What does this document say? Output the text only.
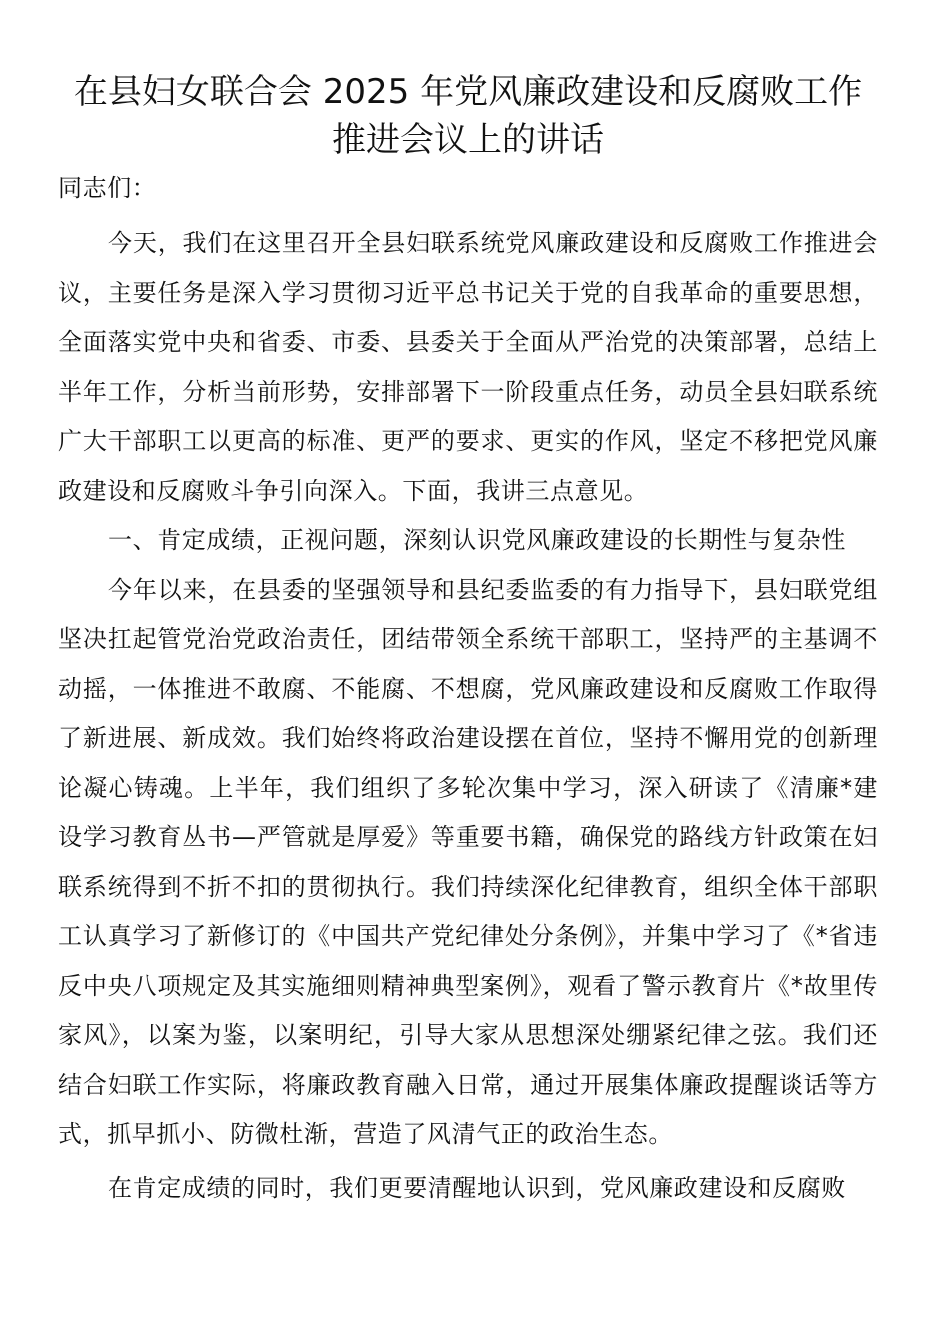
在县妇女联合会 2025 年党风廉政建设和反腐败工作
推进会议上的讲话

同志们：

今天，我们在这里召开全县妇联系统党风廉政建设和反腐败工作推进会议，主要任务是深入学习贯彻习近平总书记关于党的自我革命的重要思想，全面落实党中央和省委、市委、县委关于全面从严治党的决策部署，总结上半年工作，分析当前形势，安排部署下一阶段重点任务，动员全县妇联系统广大干部职工以更高的标准、更严的要求、更实的作风，坚定不移把党风廉政建设和反腐败斗争引向深入。下面，我讲三点意见。

一、肯定成绩，正视问题，深刻认识党风廉政建设的长期性与复杂性

今年以来，在县委的坚强领导和县纪委监委的有力指导下，县妇联党组坚决扛起管党治党政治责任，团结带领全系统干部职工，坚持严的主基调不动摇，一体推进不敢腐、不能腐、不想腐，党风廉政建设和反腐败工作取得了新进展、新成效。我们始终将政治建设摆在首位，坚持不懈用党的创新理论凝心铸魂。上半年，我们组织了多轮次集中学习，深入研读了《清廉*建设学习教育丛书—严管就是厚爱》等重要书籍，确保党的路线方针政策在妇联系统得到不折不扣的贯彻执行。我们持续深化纪律教育，组织全体干部职工认真学习了新修订的《中国共产党纪律处分条例》，并集中学习了《*省违反中央八项规定及其实施细则精神典型案例》，观看了警示教育片《*故里传家风》，以案为鉴，以案明纪，引导大家从思想深处绷紧纪律之弦。我们还结合妇联工作实际，将廉政教育融入日常，通过开展集体廉政提醒谈话等方式，抓早抓小、防微杜渐，营造了风清气正的政治生态。

在肯定成绩的同时，我们更要清醒地认识到，党风廉政建设和反腐败
